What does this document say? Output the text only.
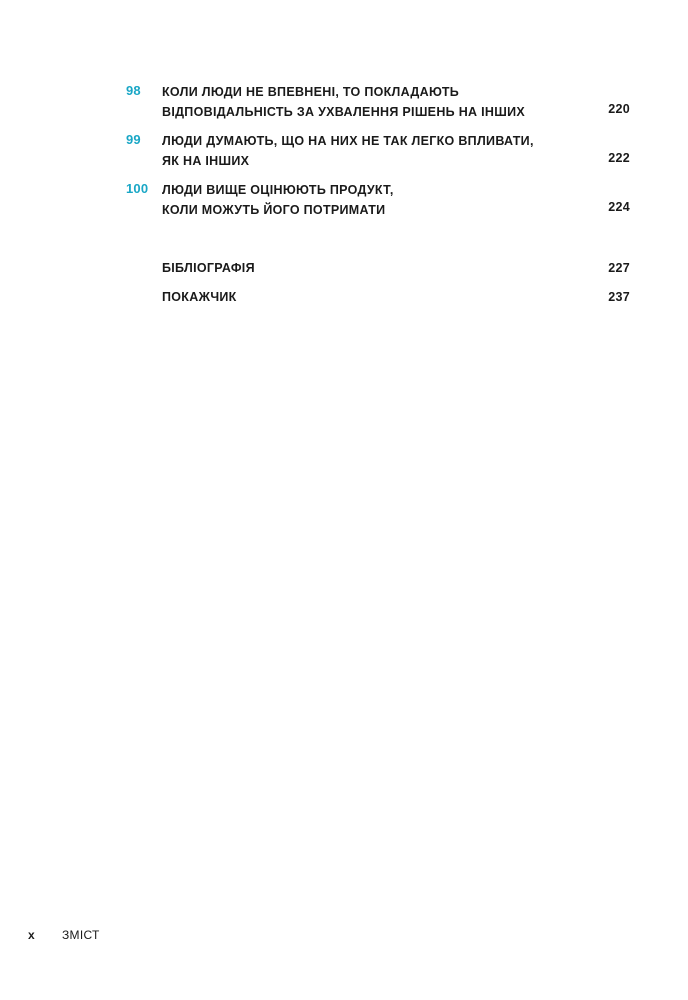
98 КОЛИ ЛЮДИ НЕ ВПЕВНЕНІ, ТО ПОКЛАДАЮТЬ
ВІДПОВІДАЛЬНІСТЬ ЗА УХВАЛЕННЯ РІШЕНЬ НА ІНШИХ	220
99 ЛЮДИ ДУМАЮТЬ, ЩО НА НИХ НЕ ТАК ЛЕГКО ВПЛИВАТИ,
ЯК НА ІНШИХ	222
100 ЛЮДИ ВИЩЕ ОЦІНЮЮТЬ ПРОДУКТ,
КОЛИ МОЖУТЬ ЙОГО ПОТРИМАТИ	224
БІБЛІОГРАФІЯ	227
ПОКАЖЧИК	237
x ЗМІСТ
